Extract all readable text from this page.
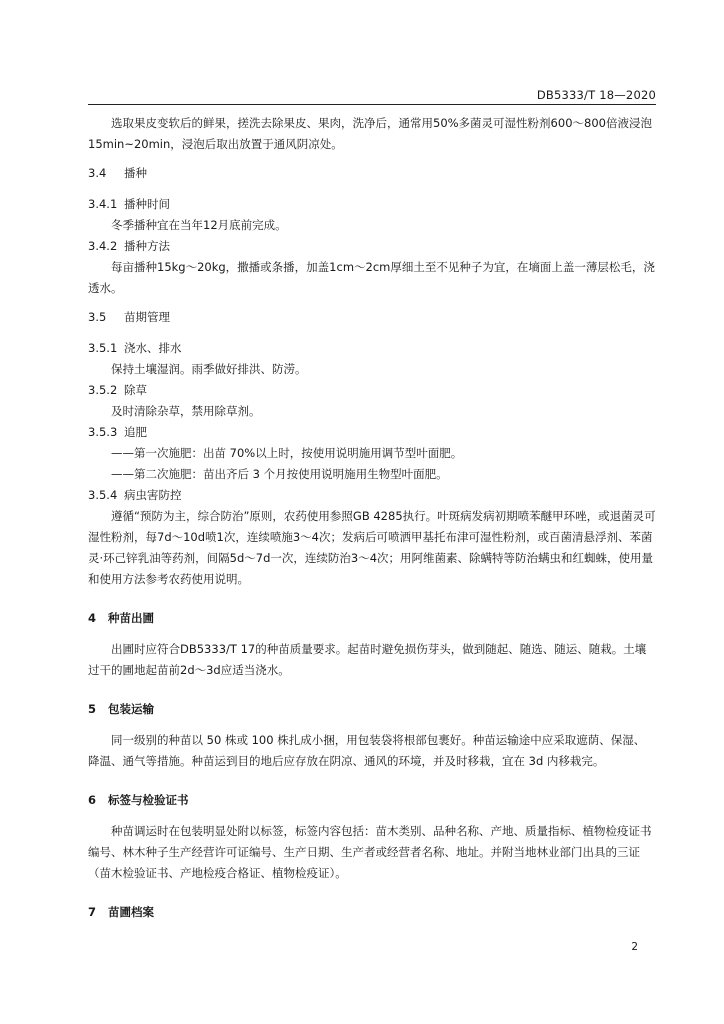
DB5333/T 18—2020

选取果皮变软后的鲜果，搓洗去除果皮、果肉，洗净后，通常用50%多菌灵可湿性粉剂600～800倍液浸泡15min~20min，浸泡后取出放置于通风阴凉处。

3.4 播种

3.4.1 播种时间

冬季播种宜在当年12月底前完成。

3.4.2 播种方法

每亩播种15kg～20kg，撒播或条播，加盖1cm～2cm厚细土至不见种子为宜，在墒面上盖一薄层松毛，浇透水。

3.5 苗期管理

3.5.1 浇水、排水

保持土壤湿润。雨季做好排洪、防涝。

3.5.2 除草

及时清除杂草，禁用除草剂。

3.5.3 追肥

——第一次施肥：出苗 70%以上时，按使用说明施用调节型叶面肥。

——第二次施肥：苗出齐后 3 个月按使用说明施用生物型叶面肥。

3.5.4 病虫害防控

遵循“预防为主，综合防治”原则，农药使用参照GB 4285执行。叶斑病发病初期喷苯醚甲环唑，或退菌灵可湿性粉剂，每7d～10d喷1次，连续喷施3～4次；发病后可喷洒甲基托布津可湿性粉剂，或百菌清悬浮剂、苯菌灵·环己锌乳油等药剂，间隔5d～7d一次，连续防治3～4次；用阿维菌素、除螨特等防治螨虫和红蜘蛛，使用量和使用方法参考农药使用说明。

4 种苗出圃

出圃时应符合DB5333/T 17的种苗质量要求。起苗时避免损伤芽头，做到随起、随选、随运、随栽。土壤过干的圃地起苗前2d～3d应适当浇水。

5 包装运输

同一级别的种苗以 50 株或 100 株扎成小捆，用包装袋将根部包裹好。种苗运输途中应采取遮荫、保湿、降温、通气等措施。种苗运到目的地后应存放在阴凉、通风的环境，并及时移栽，宜在 3d 内移栽完。

6 标签与检验证书

种苗调运时在包装明显处附以标签，标签内容包括：苗木类别、品种名称、产地、质量指标、植物检疫证书编号、林木种子生产经营许可证编号、生产日期、生产者或经营者名称、地址。并附当地林业部门出具的三证（苗木检验证书、产地检疫合格证、植物检疫证）。

7 苗圃档案

2
